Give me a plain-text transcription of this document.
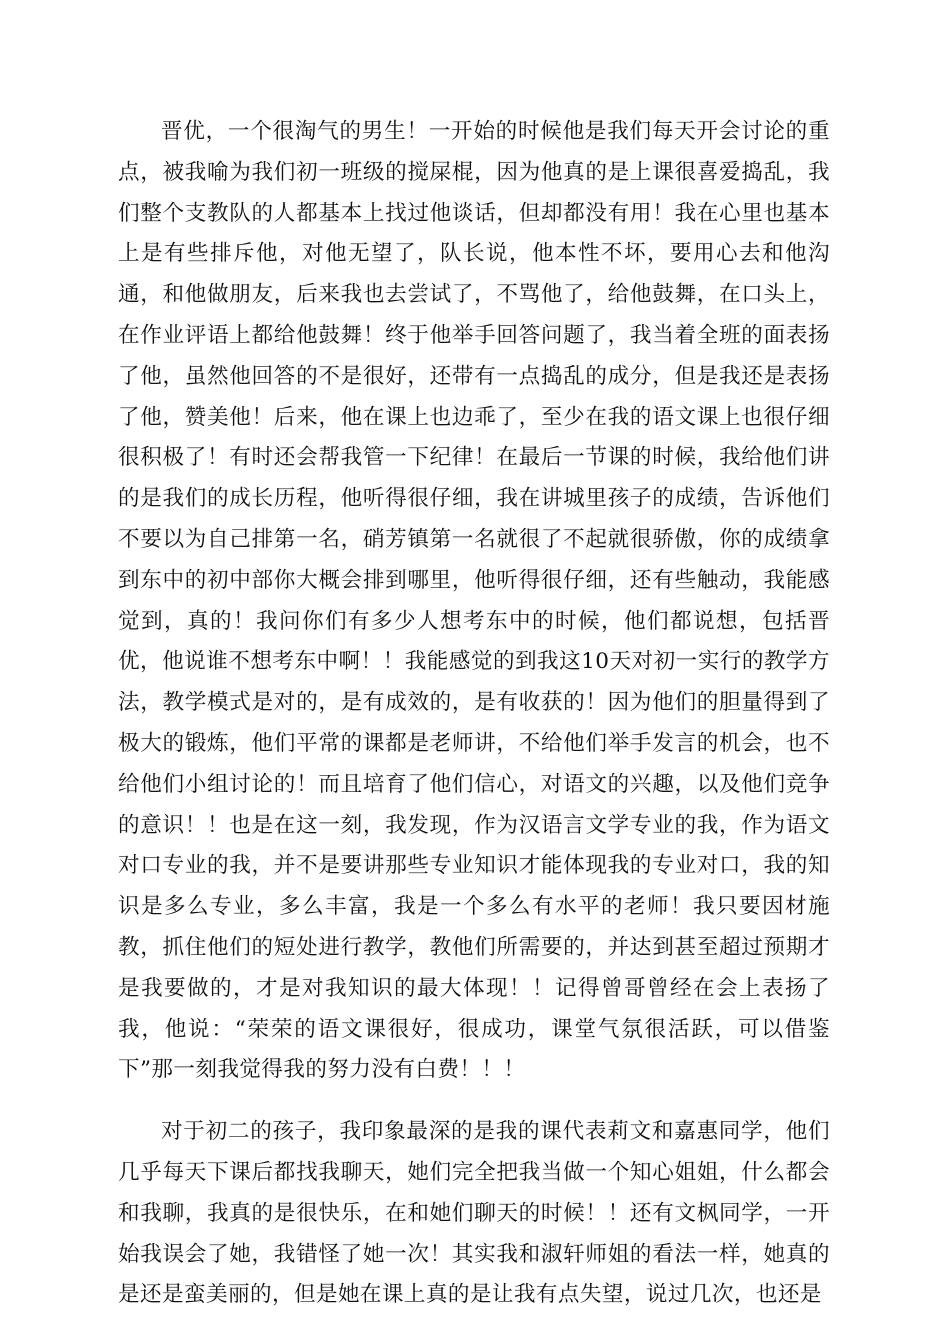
晋优，一个很淘气的男生！一开始的时候他是我们每天开会讨论的重点，被我喻为我们初一班级的搅屎棍，因为他真的是上课很喜爱捣乱，我们整个支教队的人都基本上找过他谈话，但却都没有用！我在心里也基本上是有些排斥他，对他无望了，队长说，他本性不坏，要用心去和他沟通，和他做朋友，后来我也去尝试了，不骂他了，给他鼓舞，在口头上，在作业评语上都给他鼓舞！终于他举手回答问题了，我当着全班的面表扬了他，虽然他回答的不是很好，还带有一点捣乱的成分，但是我还是表扬了他，赞美他！后来，他在课上也边乖了，至少在我的语文课上也很仔细很积极了！有时还会帮我管一下纪律！在最后一节课的时候，我给他们讲的是我们的成长历程，他听得很仔细，我在讲城里孩子的成绩，告诉他们不要以为自己排第一名，硝芳镇第一名就很了不起就很骄傲，你的成绩拿到东中的初中部你大概会排到哪里，他听得很仔细，还有些触动，我能感觉到，真的！我问你们有多少人想考东中的时候，他们都说想，包括晋优，他说谁不想考东中啊！！我能感觉的到我这10天对初一实行的教学方法，教学模式是对的，是有成效的，是有收获的！因为他们的胆量得到了极大的锻炼，他们平常的课都是老师讲，不给他们举手发言的机会，也不给他们小组讨论的！而且培育了他们信心，对语文的兴趣，以及他们竞争的意识！！也是在这一刻，我发现，作为汉语言文学专业的我，作为语文对口专业的我，并不是要讲那些专业知识才能体现我的专业对口，我的知识是多么专业，多么丰富，我是一个多么有水平的老师！我只要因材施教，抓住他们的短处进行教学，教他们所需要的，并达到甚至超过预期才是我要做的，才是对我知识的最大体现！！记得曾哥曾经在会上表扬了我，他说：“荣荣的语文课很好，很成功，课堂气氛很活跃，可以借鉴下”那一刻我觉得我的努力没有白费！！！

对于初二的孩子，我印象最深的是我的课代表莉文和嘉惠同学，他们几乎每天下课后都找我聊天，她们完全把我当做一个知心姐姐，什么都会和我聊，我真的是很快乐，在和她们聊天的时候！！还有文枫同学，一开始我误会了她，我错怪了她一次！其实我和淑轩师姐的看法一样，她真的是还是蛮美丽的，但是她在课上真的是让我有点失望，说过几次，也还是
